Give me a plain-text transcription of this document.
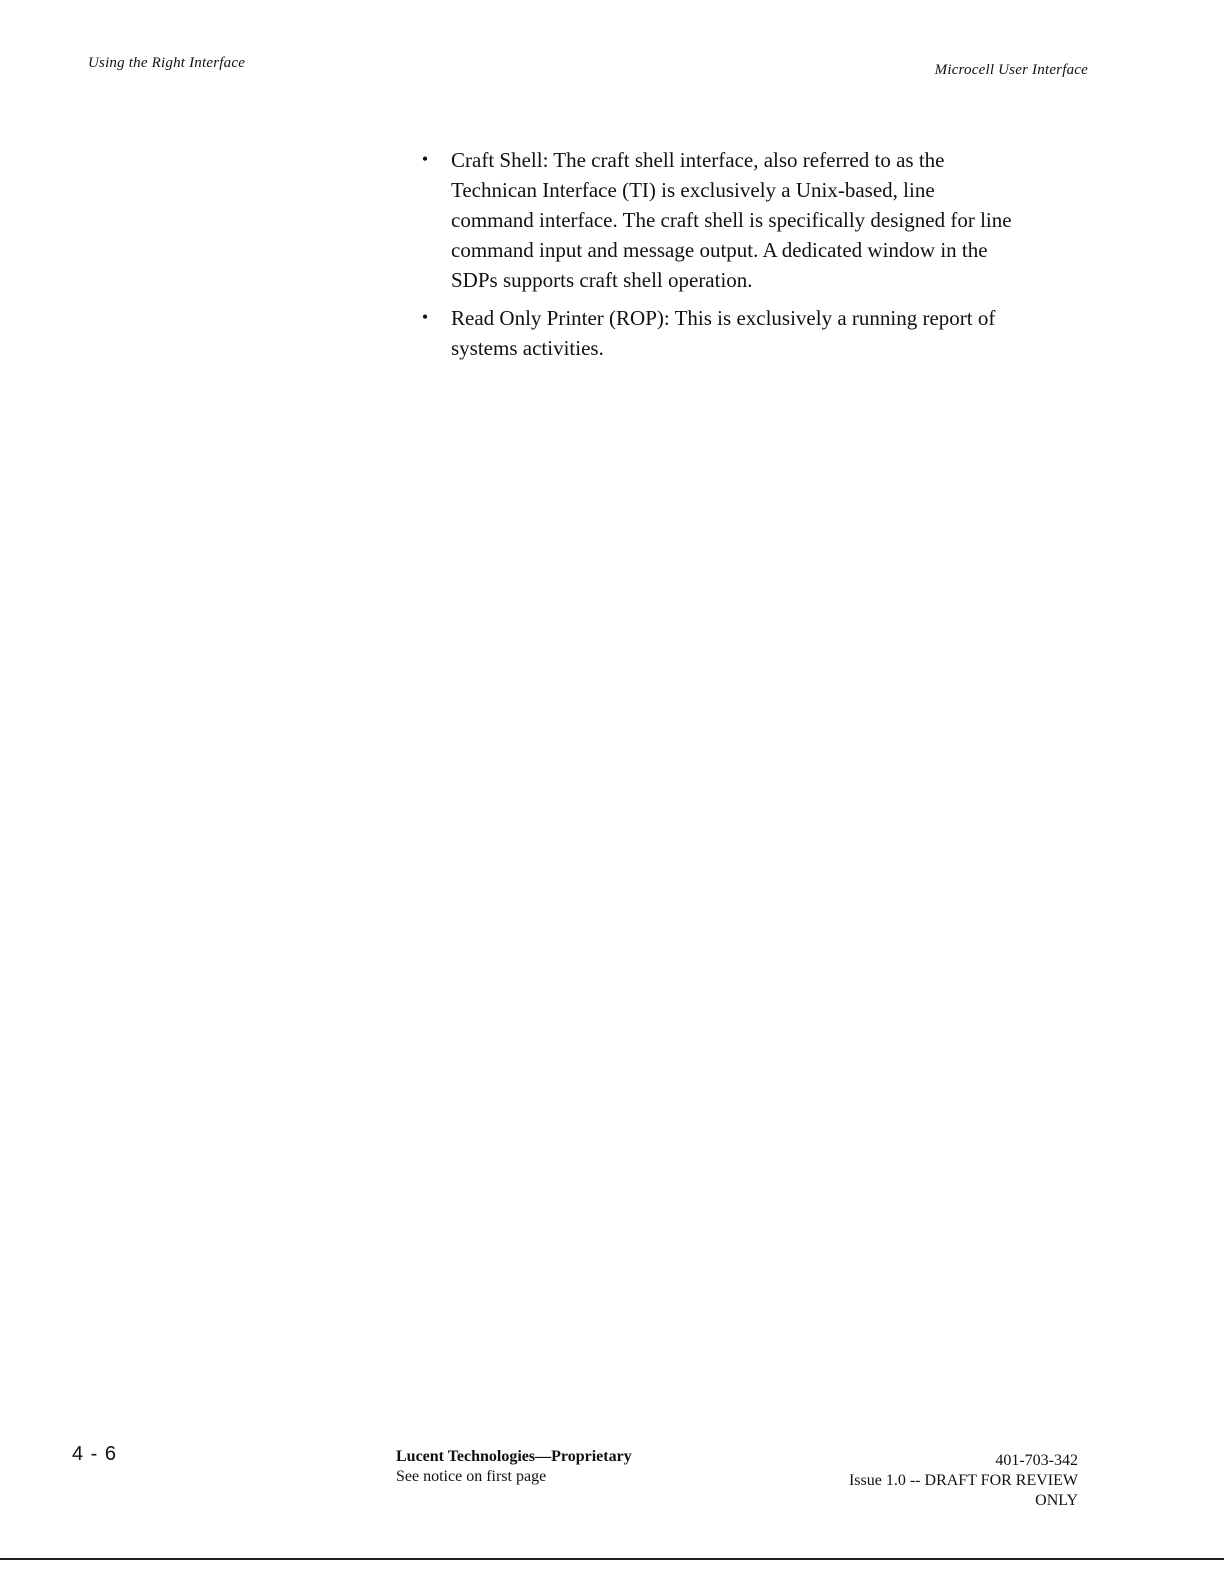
Using the Right Interface	Microcell User Interface
• Craft Shell: The craft shell interface, also referred to as the
Technican Interface (TI) is exclusively a Unix-based, line
command interface. The craft shell is specifically designed for line
command input and message output. A dedicated window in the
SDPs supports craft shell operation.
• Read Only Printer (ROP): This is exclusively a running report of
systems activities.
4 - 6	Lucent Technologies—Proprietary
See notice on first page
401-703-342
Issue 1.0 -- DRAFT FOR REVIEW
ONLY
